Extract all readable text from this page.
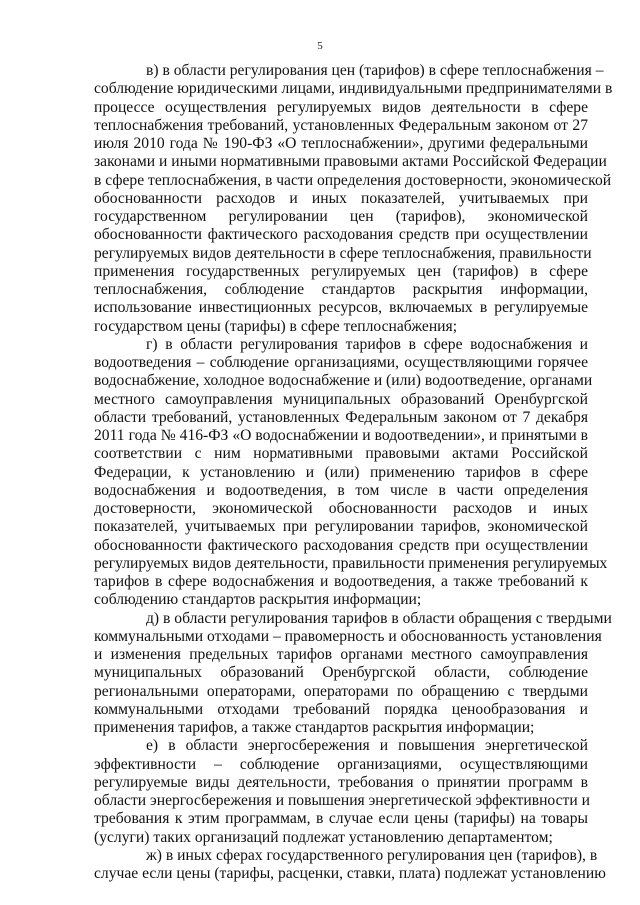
5
в) в области регулирования цен (тарифов) в сфере теплоснабжения –
соблюдение юридическими лицами, индивидуальными предпринимателями в
процессе осуществления регулируемых видов деятельности в сфере
теплоснабжения требований, установленных Федеральным законом от 27
июля 2010 года № 190-ФЗ «О теплоснабжении», другими федеральными
законами и иными нормативными правовыми актами Российской Федерации
в сфере теплоснабжения, в части определения достоверности, экономической
обоснованности расходов и иных показателей, учитываемых при
государственном регулировании цен (тарифов), экономической
обоснованности фактического расходования средств при осуществлении
регулируемых видов деятельности в сфере теплоснабжения, правильности
применения государственных регулируемых цен (тарифов) в сфере
теплоснабжения, соблюдение стандартов раскрытия информации,
использование инвестиционных ресурсов, включаемых в регулируемые
государством цены (тарифы) в сфере теплоснабжения;
г) в области регулирования тарифов в сфере водоснабжения и
водоотведения – соблюдение организациями, осуществляющими горячее
водоснабжение, холодное водоснабжение и (или) водоотведение, органами
местного самоуправления муниципальных образований Оренбургской
области требований, установленных Федеральным законом от 7 декабря
2011 года № 416-ФЗ «О водоснабжении и водоотведении», и принятыми в
соответствии с ним нормативными правовыми актами Российской
Федерации, к установлению и (или) применению тарифов в сфере
водоснабжения и водоотведения, в том числе в части определения
достоверности, экономической обоснованности расходов и иных
показателей, учитываемых при регулировании тарифов, экономической
обоснованности фактического расходования средств при осуществлении
регулируемых видов деятельности, правильности применения регулируемых
тарифов в сфере водоснабжения и водоотведения, а также требований к
соблюдению стандартов раскрытия информации;
д) в области регулирования тарифов в области обращения с твердыми
коммунальными отходами – правомерность и обоснованность установления
и изменения предельных тарифов органами местного самоуправления
муниципальных образований Оренбургской области, соблюдение
региональными операторами, операторами по обращению с твердыми
коммунальными отходами требований порядка ценообразования и
применения тарифов, а также стандартов раскрытия информации;
е) в области энергосбережения и повышения энергетической
эффективности – соблюдение организациями, осуществляющими
регулируемые виды деятельности, требования о принятии программ в
области энергосбережения и повышения энергетической эффективности и
требования к этим программам, в случае если цены (тарифы) на товары
(услуги) таких организаций подлежат установлению департаментом;
ж) в иных сферах государственного регулирования цен (тарифов), в
случае если цены (тарифы, расценки, ставки, плата) подлежат установлению
